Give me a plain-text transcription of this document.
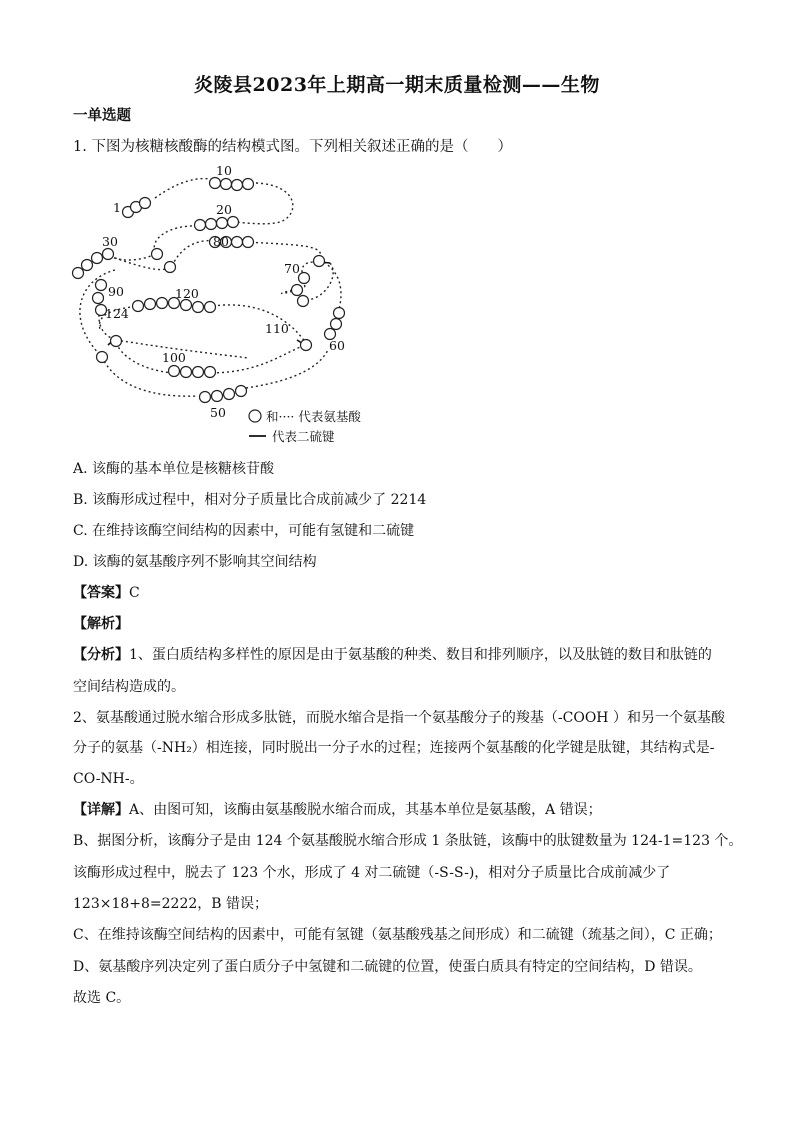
炎陵县2023年上期高一期末质量检测——生物
一单选题
1. 下图为核糖核酸酶的结构模式图。下列相关叙述正确的是（　　）
10
1	20
30	80
70
90	120
124
110
60
100
50	和···· 代表氨基酸
代表二硫键
A. 该酶的基本单位是核糖核苷酸
B. 该酶形成过程中，相对分子质量比合成前减少了 2214
C. 在维持该酶空间结构的因素中，可能有氢键和二硫键
D. 该酶的氨基酸序列不影响其空间结构
【答案】C
【解析】
【分析】1、蛋白质结构多样性的原因是由于氨基酸的种类、数目和排列顺序，以及肽链的数目和肽链的
空间结构造成的。
2、氨基酸通过脱水缩合形成多肽链，而脱水缩合是指一个氨基酸分子的羧基（-COOH ）和另一个氨基酸
分子的氨基（-NH₂）相连接，同时脱出一分子水的过程；连接两个氨基酸的化学键是肽键，其结构式是-
CO-NH-。
【详解】A、由图可知，该酶由氨基酸脱水缩合而成，其基本单位是氨基酸，A 错误；
B、据图分析，该酶分子是由 124 个氨基酸脱水缩合形成 1 条肽链，该酶中的肽键数量为 124-1=123 个。
该酶形成过程中，脱去了 123 个水，形成了 4 对二硫键（-S-S-)，相对分子质量比合成前减少了
123×18+8=2222，B 错误；
C、在维持该酶空间结构的因素中，可能有氢键（氨基酸残基之间形成）和二硫键（巯基之间），C 正确；
D、氨基酸序列决定列了蛋白质分子中氢键和二硫键的位置，使蛋白质具有特定的空间结构，D 错误。
故选 C。
